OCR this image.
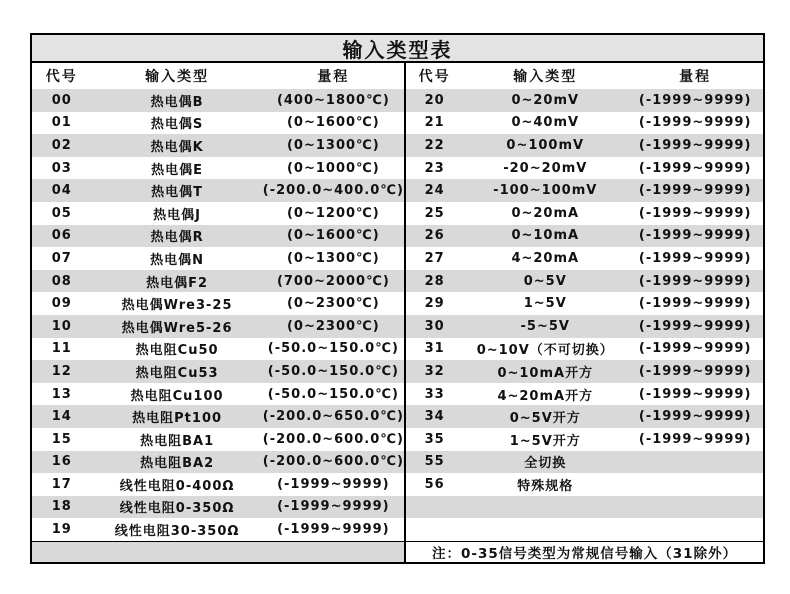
输入类型表
代号	输入类型	量程
00	热电偶B	(400~1800℃)
01	热电偶S	(0~1600℃)
02	热电偶K	(0~1300℃)
03	热电偶E	(0~1000℃)
04	热电偶T	(-200.0~400.0℃)
05	热电偶J	(0~1200℃)
06	热电偶R	(0~1600℃)
07	热电偶N	(0~1300℃)
08	热电偶F2	(700~2000℃)
09	热电偶Wre3-25	(0~2300℃)
10	热电偶Wre5-26	(0~2300℃)
11	热电阻Cu50	(-50.0~150.0℃)
12	热电阻Cu53	(-50.0~150.0℃)
13	热电阻Cu100	(-50.0~150.0℃)
14	热电阻Pt100	(-200.0~650.0℃)
15	热电阻BA1	(-200.0~600.0℃)
16	热电阻BA2	(-200.0~600.0℃)
17	线性电阻0-400Ω	(-1999~9999)
18	线性电阻0-350Ω	(-1999~9999)
19	线性电阻30-350Ω	(-1999~9999)
代号	输入类型	量程
20	0~20mV	(-1999~9999)
21	0~40mV	(-1999~9999)
22	0~100mV	(-1999~9999)
23	-20~20mV	(-1999~9999)
24	-100~100mV	(-1999~9999)
25	0~20mA	(-1999~9999)
26	0~10mA	(-1999~9999)
27	4~20mA	(-1999~9999)
28	0~5V	(-1999~9999)
29	1~5V	(-1999~9999)
30	-5~5V	(-1999~9999)
31	0~10V（不可切换）	(-1999~9999)
32	0~10mA开方	(-1999~9999)
33	4~20mA开方	(-1999~9999)
34	0~5V开方	(-1999~9999)
35	1~5V开方	(-1999~9999)
55	全切换
56	特殊规格
注：0-35信号类型为常规信号输入（31除外）
